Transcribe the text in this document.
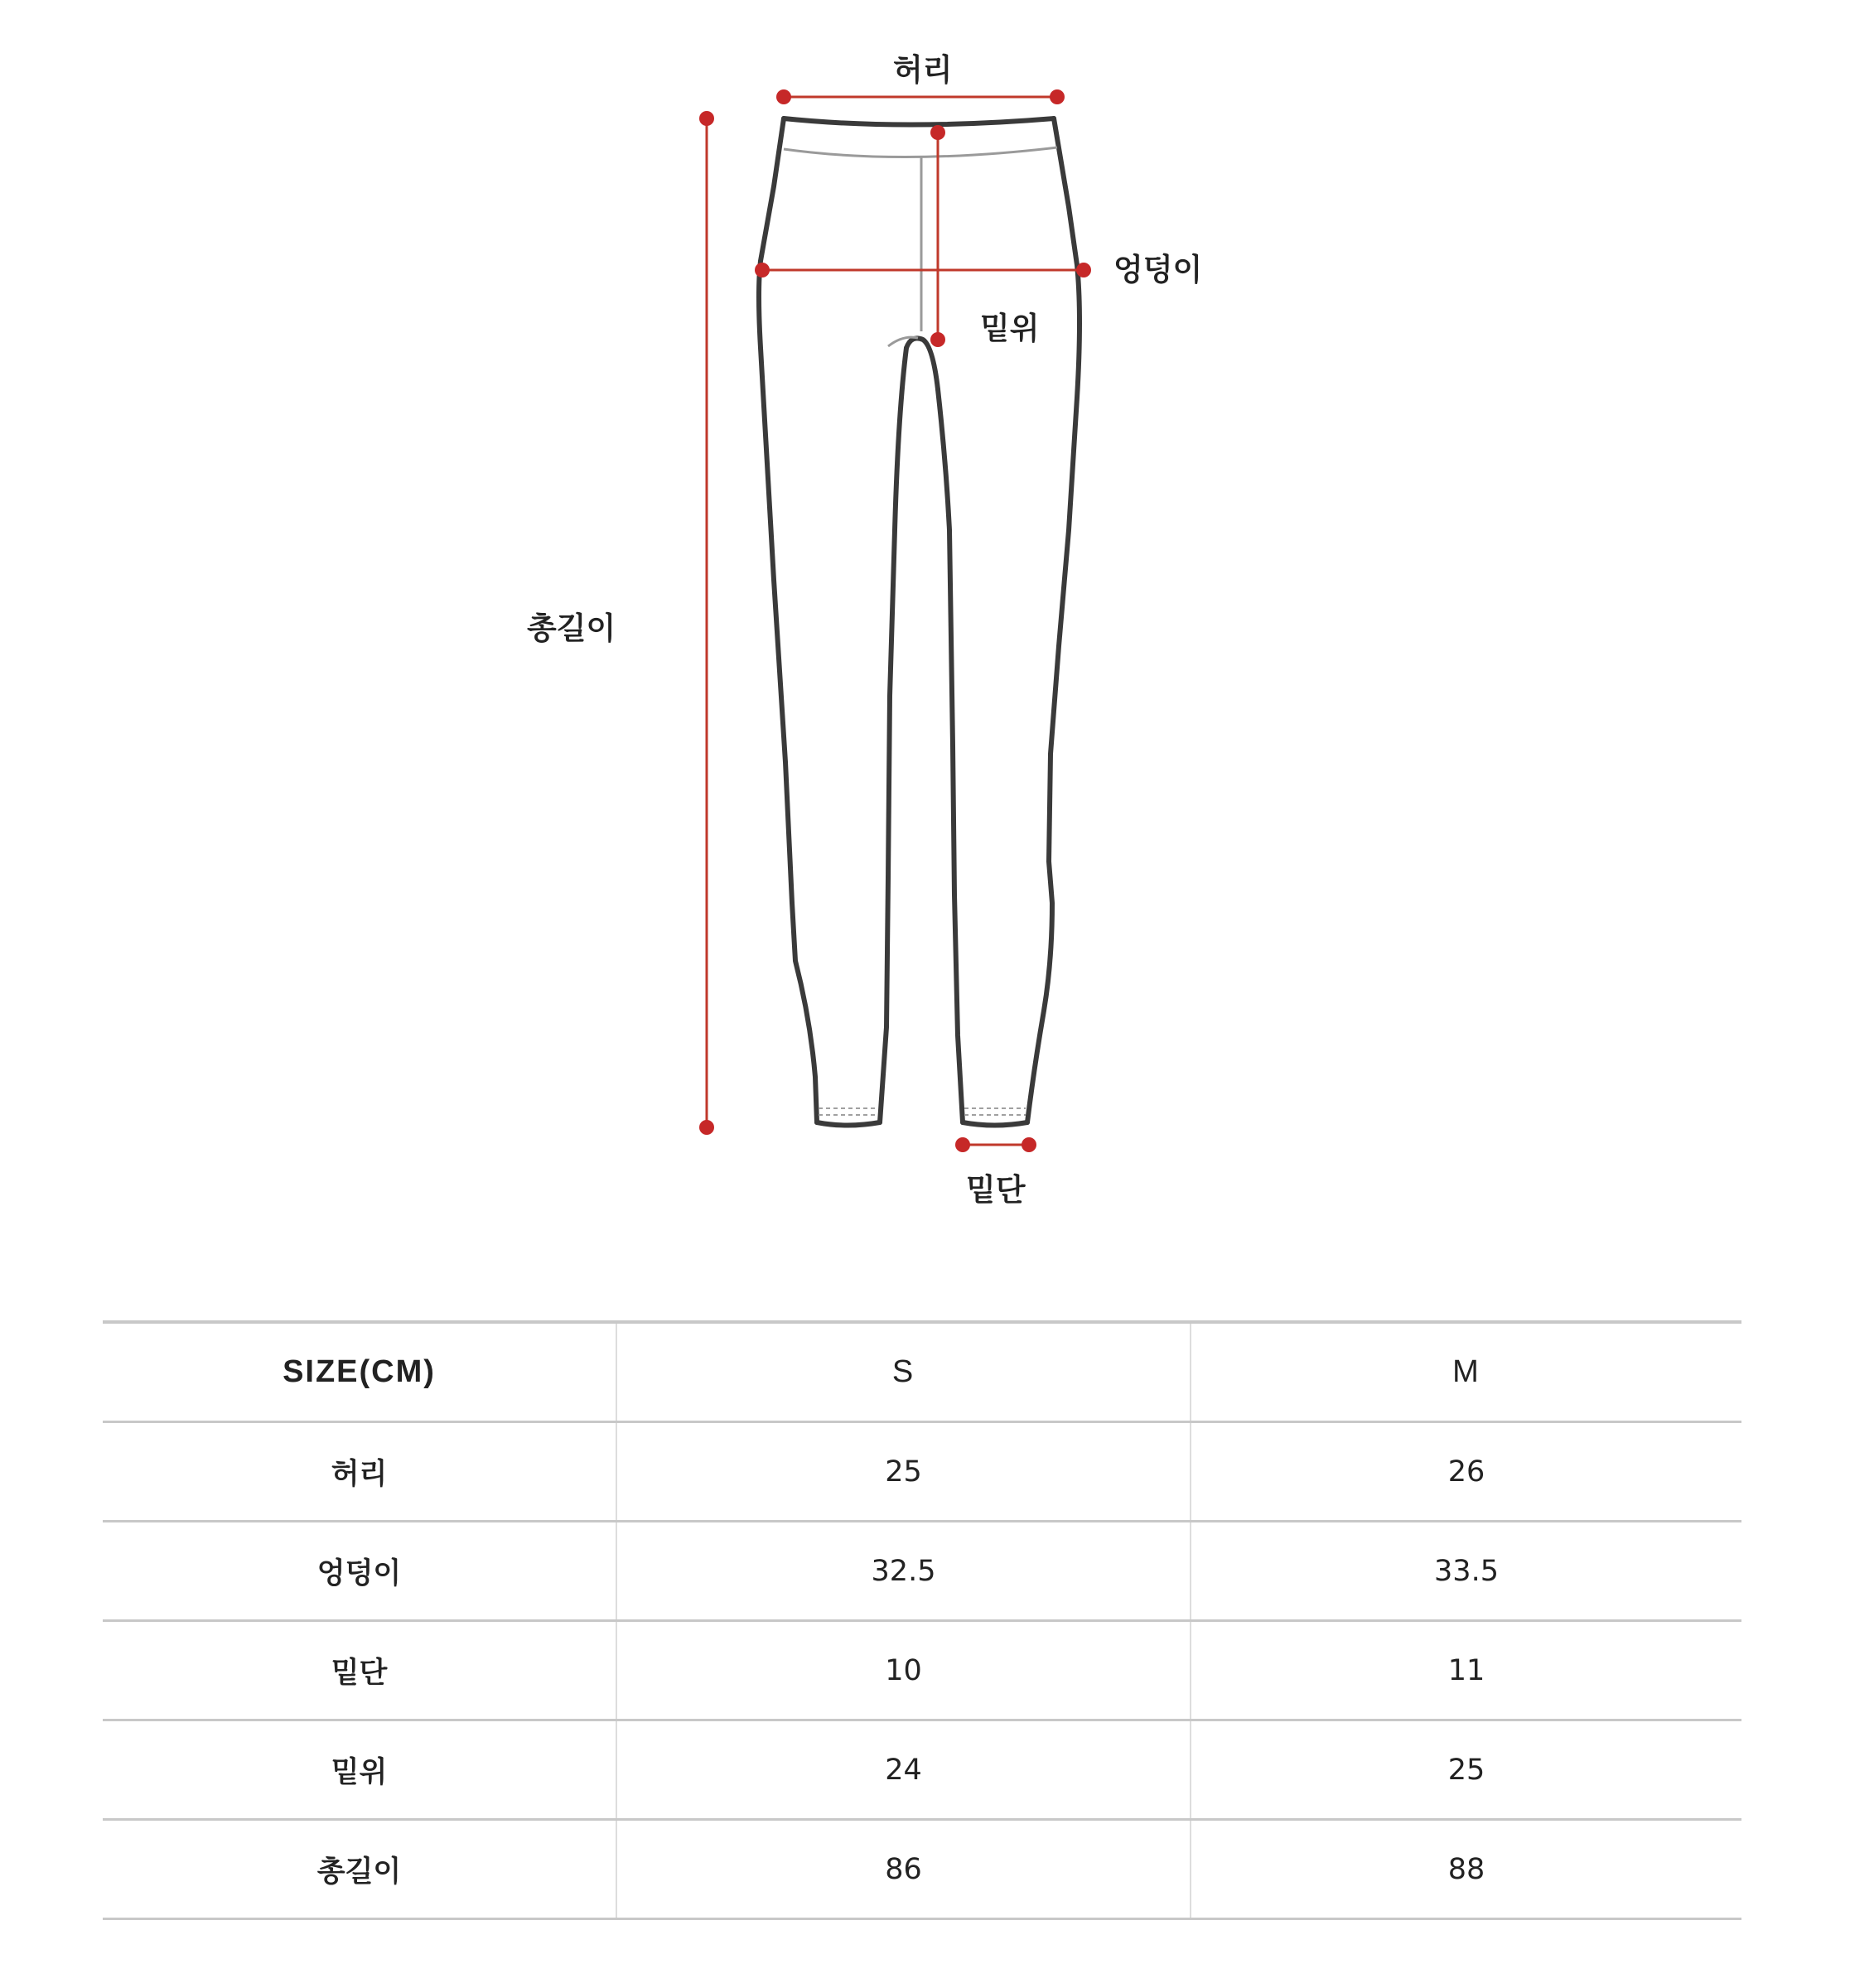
허리
엉덩이
밑위
총길이
밑단
SIZE(CM)	S	M
허리	25	26
엉덩이	32.5	33.5
밑단	10	11
밑위	24	25
총길이	86	88
